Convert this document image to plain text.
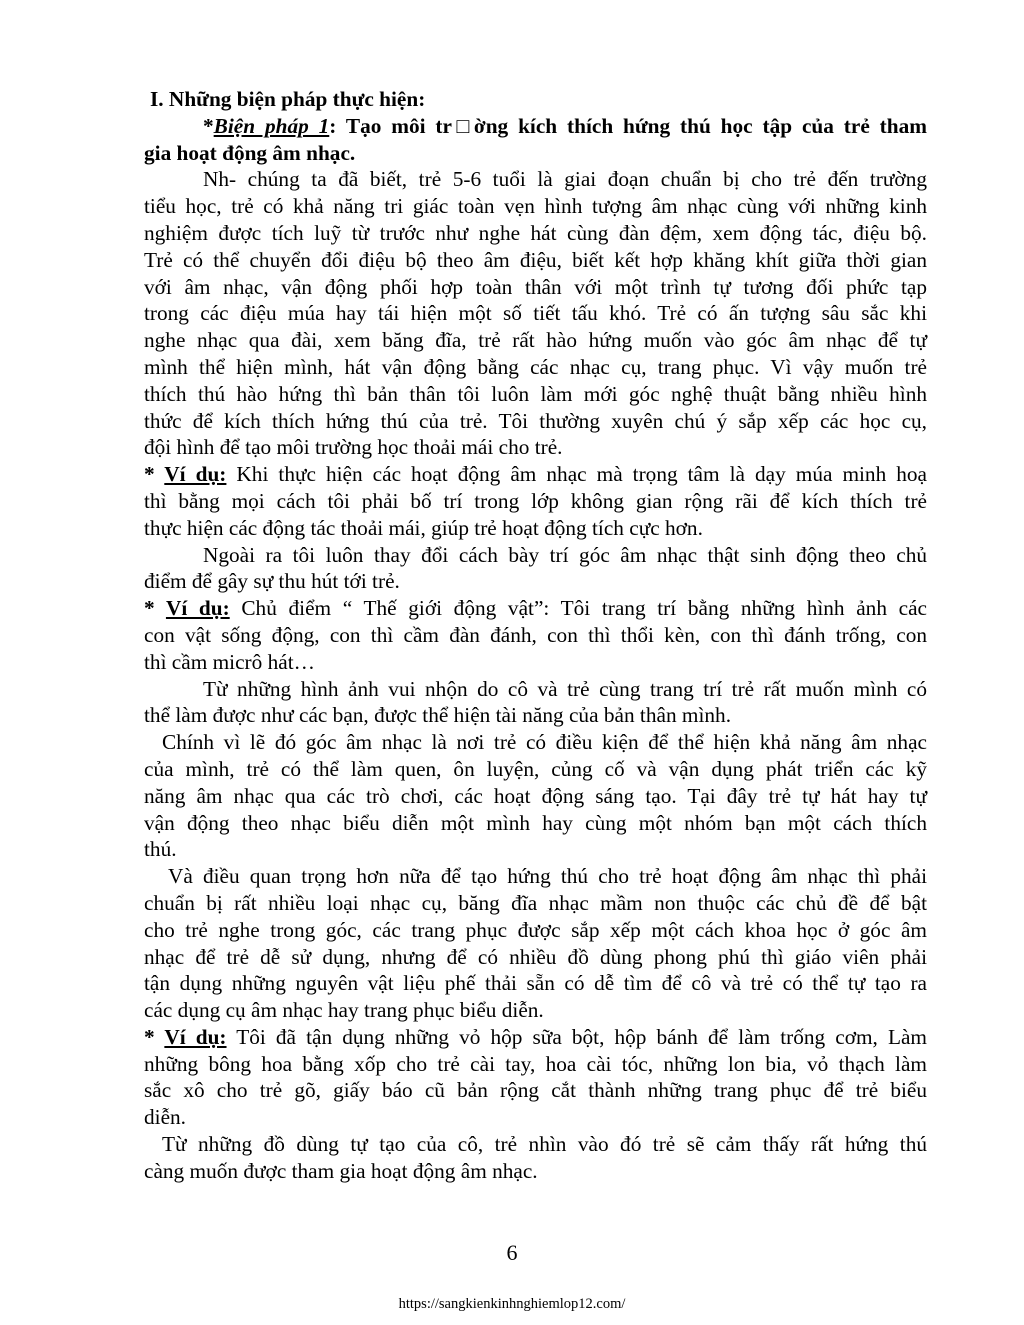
I. Những biện pháp thực hiện:
*Biện pháp 1: Tạo môi tr□ờng kích thích hứng thú học tập của trẻ tham
gia hoạt động âm nhạc.
Nh- chúng ta đã biết, trẻ 5-6 tuổi là giai đoạn chuẩn bị cho trẻ đến trường
tiểu học, trẻ có khả năng tri giác toàn vẹn hình tượng âm nhạc cùng với những kinh
nghiệm được tích luỹ từ trước như nghe hát cùng đàn đệm, xem động tác, điệu bộ.
Trẻ có thể chuyển đổi điệu bộ theo âm điệu, biết kết hợp khăng khít giữa thời gian
với âm nhạc, vận động phối hợp toàn thân với một trình tự tương đối phức tạp
trong các điệu múa hay tái hiện một số tiết tấu khó. Trẻ có ấn tượng sâu sắc khi
nghe nhạc qua đài, xem băng đĩa, trẻ rất hào hứng muốn vào góc âm nhạc để tự
mình thể hiện mình, hát vận động bằng các nhạc cụ, trang phục. Vì vậy muốn trẻ
thích thú hào hứng thì bản thân tôi luôn làm mới góc nghệ thuật bằng nhiều hình
thức để kích thích hứng thú của trẻ. Tôi thường xuyên chú ý sắp xếp các học cụ,
đội hình để tạo môi trường học thoải mái cho trẻ.
* Ví dụ: Khi thực hiện các hoạt động âm nhạc mà trọng tâm là dạy múa minh hoạ
thì bằng mọi cách tôi phải bố trí trong lớp không gian rộng rãi để kích thích trẻ
thực hiện các động tác thoải mái, giúp trẻ hoạt động tích cực hơn.
Ngoài ra tôi luôn thay đổi cách bày trí góc âm nhạc thật sinh động theo chủ
điểm để gây sự thu hút tới trẻ.
* Ví dụ: Chủ điểm “ Thế giới động vật”: Tôi trang trí bằng những hình ảnh các
con vật sống động, con thì cầm đàn đánh, con thì thổi kèn, con thì đánh trống, con
thì cầm micrô hát…
Từ những hình ảnh vui nhộn do cô và trẻ cùng trang trí trẻ rất muốn mình có
thể làm được như các bạn, được thể hiện tài năng của bản thân mình.
Chính vì lẽ đó góc âm nhạc là nơi trẻ có điều kiện để thể hiện khả năng âm nhạc
của mình, trẻ có thể làm quen, ôn luyện, củng cố và vận dụng phát triển các kỹ
năng âm nhạc qua các trò chơi, các hoạt động sáng tạo. Tại đây trẻ tự hát hay tự
vận động theo nhạc biểu diễn một mình hay cùng một nhóm bạn một cách thích
thú.
Và điều quan trọng hơn nữa để tạo hứng thú cho trẻ hoạt động âm nhạc thì phải
chuẩn bị rất nhiều loại nhạc cụ, băng đĩa nhạc mầm non thuộc các chủ đề để bật
cho trẻ nghe trong góc, các trang phục được sắp xếp một cách khoa học ở góc âm
nhạc để trẻ dễ sử dụng, nhưng để có nhiều đồ dùng phong phú thì giáo viên phải
tận dụng những nguyên vật liệu phế thải sẵn có dễ tìm để cô và trẻ có thể tự tạo ra
các dụng cụ âm nhạc hay trang phục biểu diễn.
* Ví dụ: Tôi đã tận dụng những vỏ hộp sữa bột, hộp bánh để làm trống cơm, Làm
những bông hoa bằng xốp cho trẻ cài tay, hoa cài tóc, những lon bia, vỏ thạch làm
sắc xô cho trẻ gõ, giấy báo cũ bản rộng cắt thành những trang phục để trẻ biểu
diễn.
Từ những đồ dùng tự tạo của cô, trẻ nhìn vào đó trẻ sẽ cảm thấy rất hứng thú
càng muốn được tham gia hoạt động âm nhạc.
6
https://sangkienkinhnghiemlop12.com/
